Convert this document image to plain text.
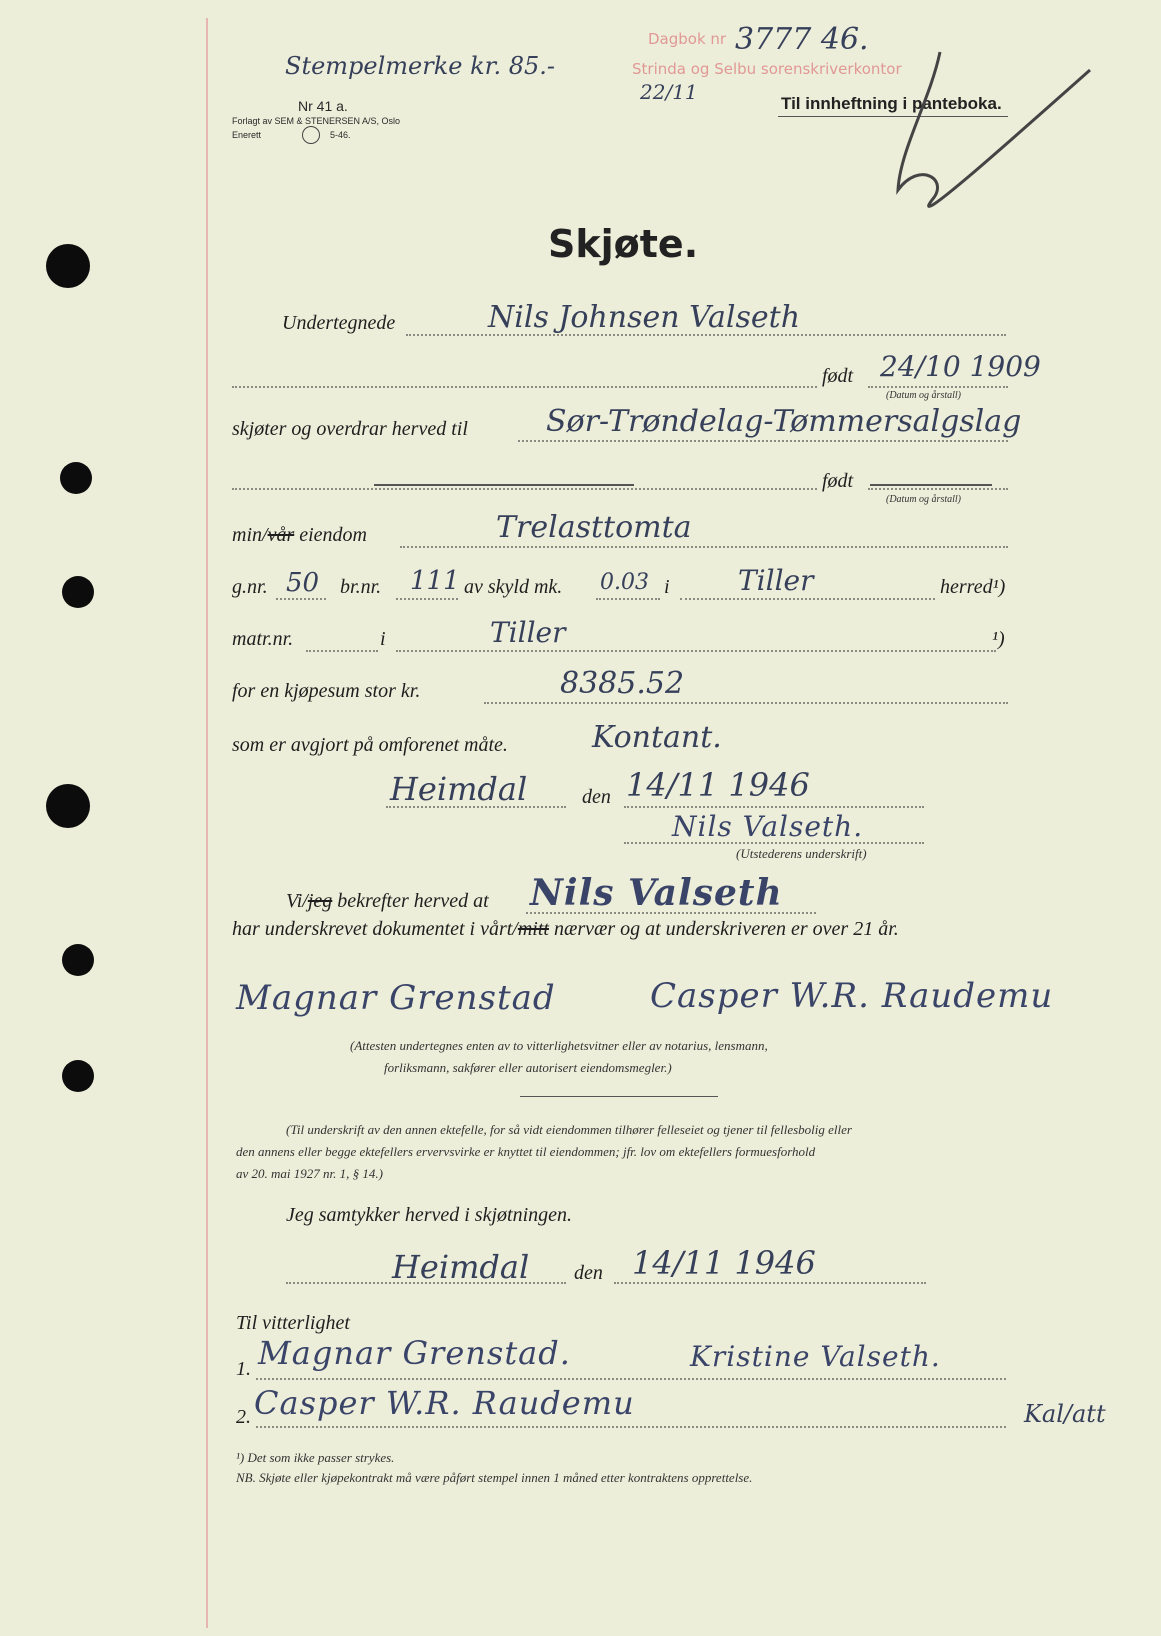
Stempelmerke kr. 85.-
Dagbok nr
Strinda og Selbu sorenskriverkontor
3777 46.
22/11
Nr 41 a.
Forlagt av SEM & STENERSEN A/S, Oslo
Enerett	5-46.
Til innheftning i panteboka.
Skjøte.
Undertegnede	Nils Johnsen Valseth
født 24/10 1909
(Datum og årstall)
skjøter og overdrar herved til	Sør-Trøndelag-Tømmersalgslag
født
(Datum og årstall)
min/vår eiendom	Trelasttomta
g.nr. 50 br.nr. 111 av skyld mk. 0.03 i Tiller	herred¹)
matr.nr.	i	Tiller	¹)
for en kjøpesum stor kr.	8385.52
som er avgjort på omforenet måte.	Kontant.
Heimdal	den 14/11 1946
Nils Valseth.
(Utstederens underskrift)
Vi/jeg bekrefter herved at Nils Valseth
har underskrevet dokumentet i vårt/mitt nærvær og at underskriveren er over 21 år.
Magnar Grenstad	Casper W.R. Raudemu
(Attesten undertegnes enten av to vitterlighetsvitner eller av notarius, lensmann,
forliksmann, sakfører eller autorisert eiendomsmegler.)
(Til underskrift av den annen ektefelle, for så vidt eiendommen tilhører felleseiet og tjener til fellesbolig eller
den annens eller begge ektefellers ervervsvirke er knyttet til eiendommen; jfr. lov om ektefellers formuesforhold
av 20. mai 1927 nr. 1, § 14.)
Jeg samtykker herved i skjøtningen.
Heimdal den 14/11 1946
Til vitterlighet
1. Magnar Grenstad.	Kristine Valseth.
2. Casper W.R. Raudemu	Kal/att
¹) Det som ikke passer strykes.
NB. Skjøte eller kjøpekontrakt må være påført stempel innen 1 måned etter kontraktens opprettelse.
